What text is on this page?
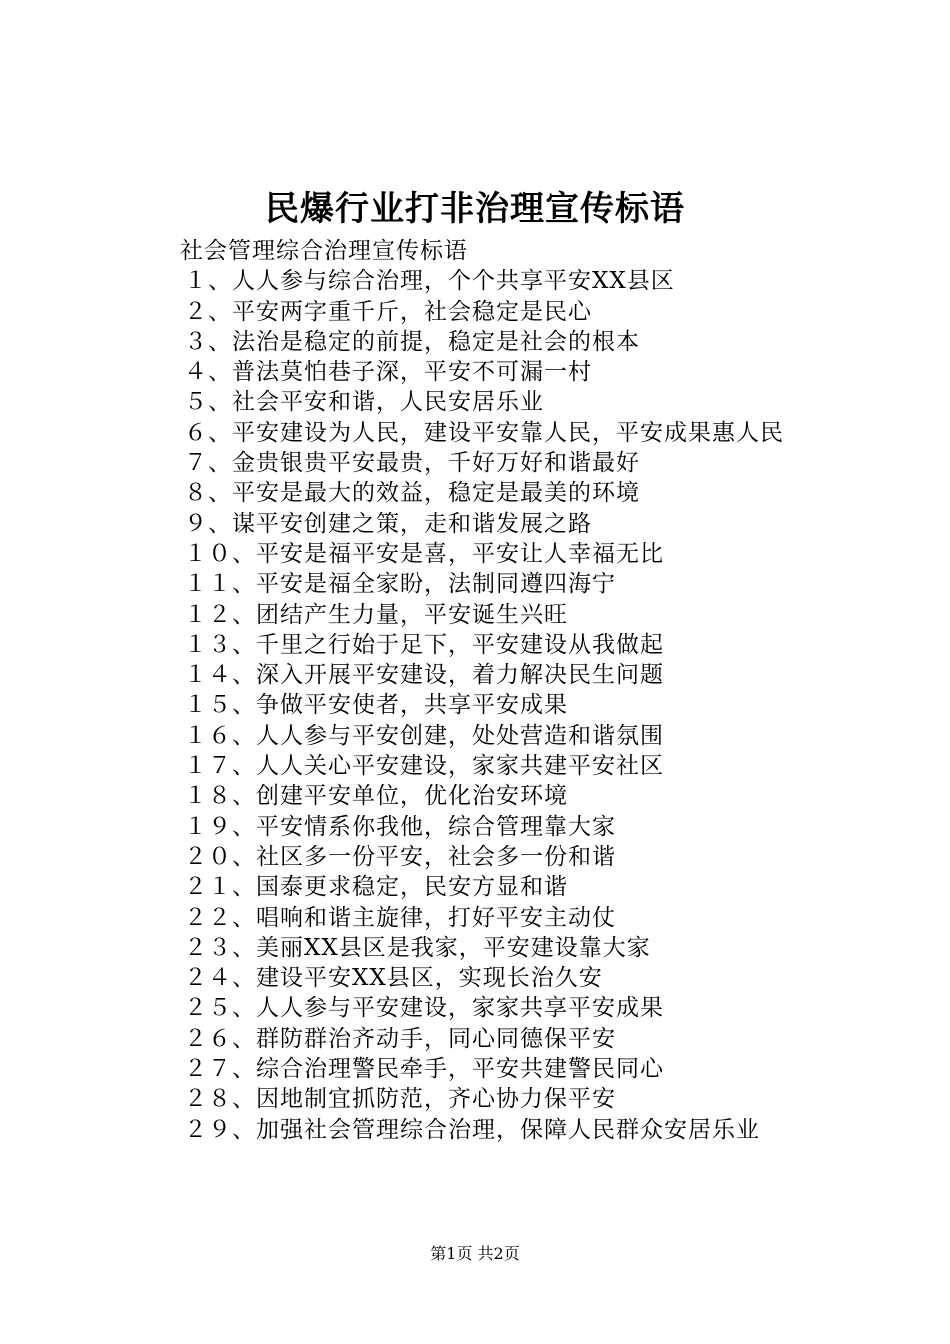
民爆行业打非治理宣传标语
社会管理综合治理宣传标语
１、人人参与综合治理，个个共享平安XX县区
２、平安两字重千斤，社会稳定是民心
３、法治是稳定的前提，稳定是社会的根本
４、普法莫怕巷子深，平安不可漏一村
５、社会平安和谐，人民安居乐业
６、平安建设为人民，建设平安靠人民，平安成果惠人民
７、金贵银贵平安最贵，千好万好和谐最好
８、平安是最大的效益，稳定是最美的环境
９、谋平安创建之策，走和谐发展之路
１０、平安是福平安是喜，平安让人幸福无比
１１、平安是福全家盼，法制同遵四海宁
１２、团结产生力量，平安诞生兴旺
１３、千里之行始于足下，平安建设从我做起
１４、深入开展平安建设，着力解决民生问题
１５、争做平安使者，共享平安成果
１６、人人参与平安创建，处处营造和谐氛围
１７、人人关心平安建设，家家共建平安社区
１８、创建平安单位，优化治安环境
１９、平安情系你我他，综合管理靠大家
２０、社区多一份平安，社会多一份和谐
２１、国泰更求稳定，民安方显和谐
２２、唱响和谐主旋律，打好平安主动仗
２３、美丽XX县区是我家，平安建设靠大家
２４、建设平安XX县区，实现长治久安
２５、人人参与平安建设，家家共享平安成果
２６、群防群治齐动手，同心同德保平安
２７、综合治理警民牵手，平安共建警民同心
２８、因地制宜抓防范，齐心协力保平安
２９、加强社会管理综合治理，保障人民群众安居乐业
第1页 共2页
